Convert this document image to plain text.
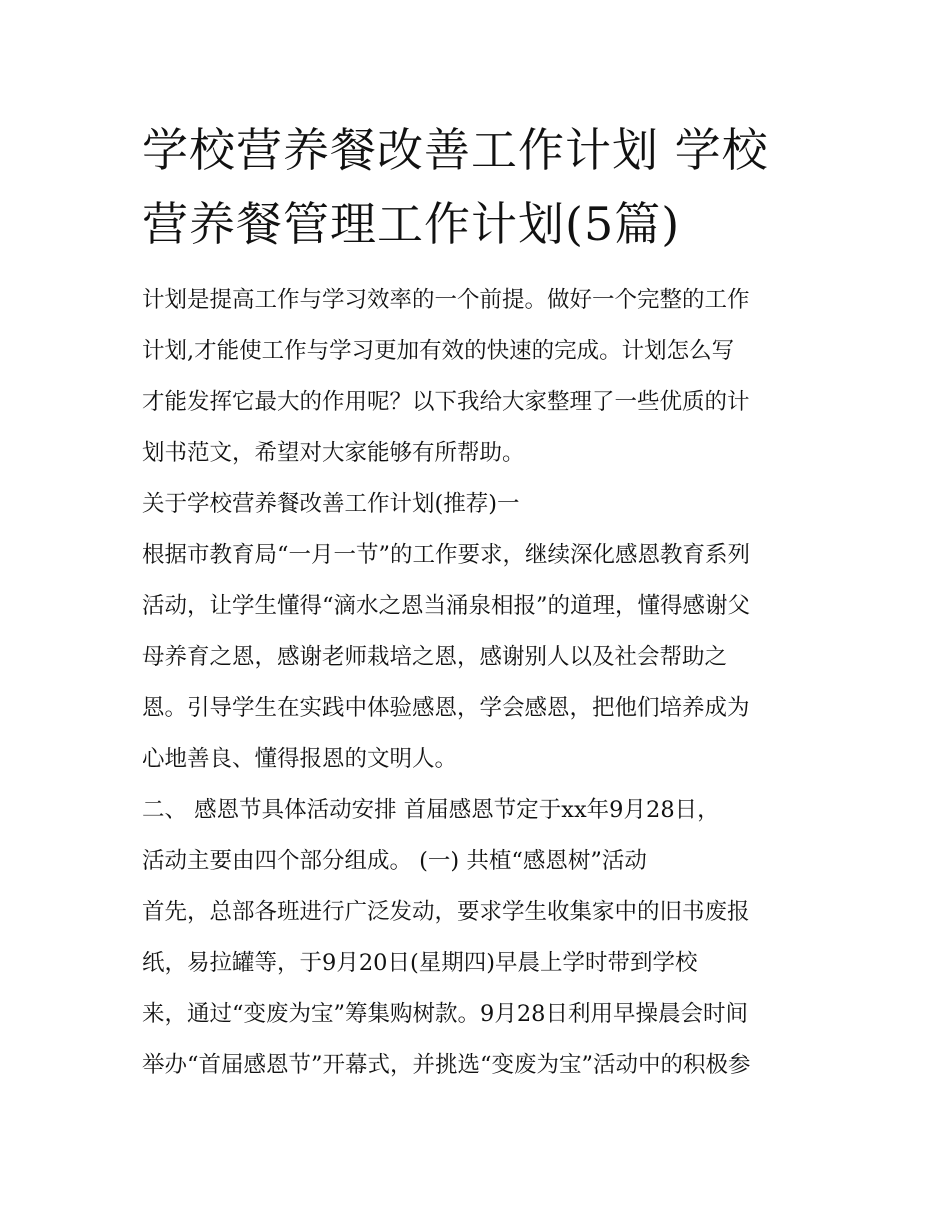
学校营养餐改善工作计划 学校
营养餐管理工作计划(5篇)
计划是提高工作与学习效率的一个前提。做好一个完整的工作
计划,才能使工作与学习更加有效的快速的完成。计划怎么写
才能发挥它最大的作用呢？以下我给大家整理了一些优质的计
划书范文，希望对大家能够有所帮助。
关于学校营养餐改善工作计划(推荐)一
根据市教育局“一月一节”的工作要求，继续深化感恩教育系列
活动，让学生懂得“滴水之恩当涌泉相报”的道理，懂得感谢父
母养育之恩，感谢老师栽培之恩，感谢别人以及社会帮助之
恩。引导学生在实践中体验感恩，学会感恩，把他们培养成为
心地善良、懂得报恩的文明人。
二、 感恩节具体活动安排 首届感恩节定于xx年9月28日，
活动主要由四个部分组成。 (一) 共植“感恩树”活动
首先，总部各班进行广泛发动，要求学生收集家中的旧书废报
纸，易拉罐等，于9月20日(星期四)早晨上学时带到学校
来，通过“变废为宝”筹集购树款。9月28日利用早操晨会时间
举办“首届感恩节”开幕式，并挑选“变废为宝”活动中的积极参
